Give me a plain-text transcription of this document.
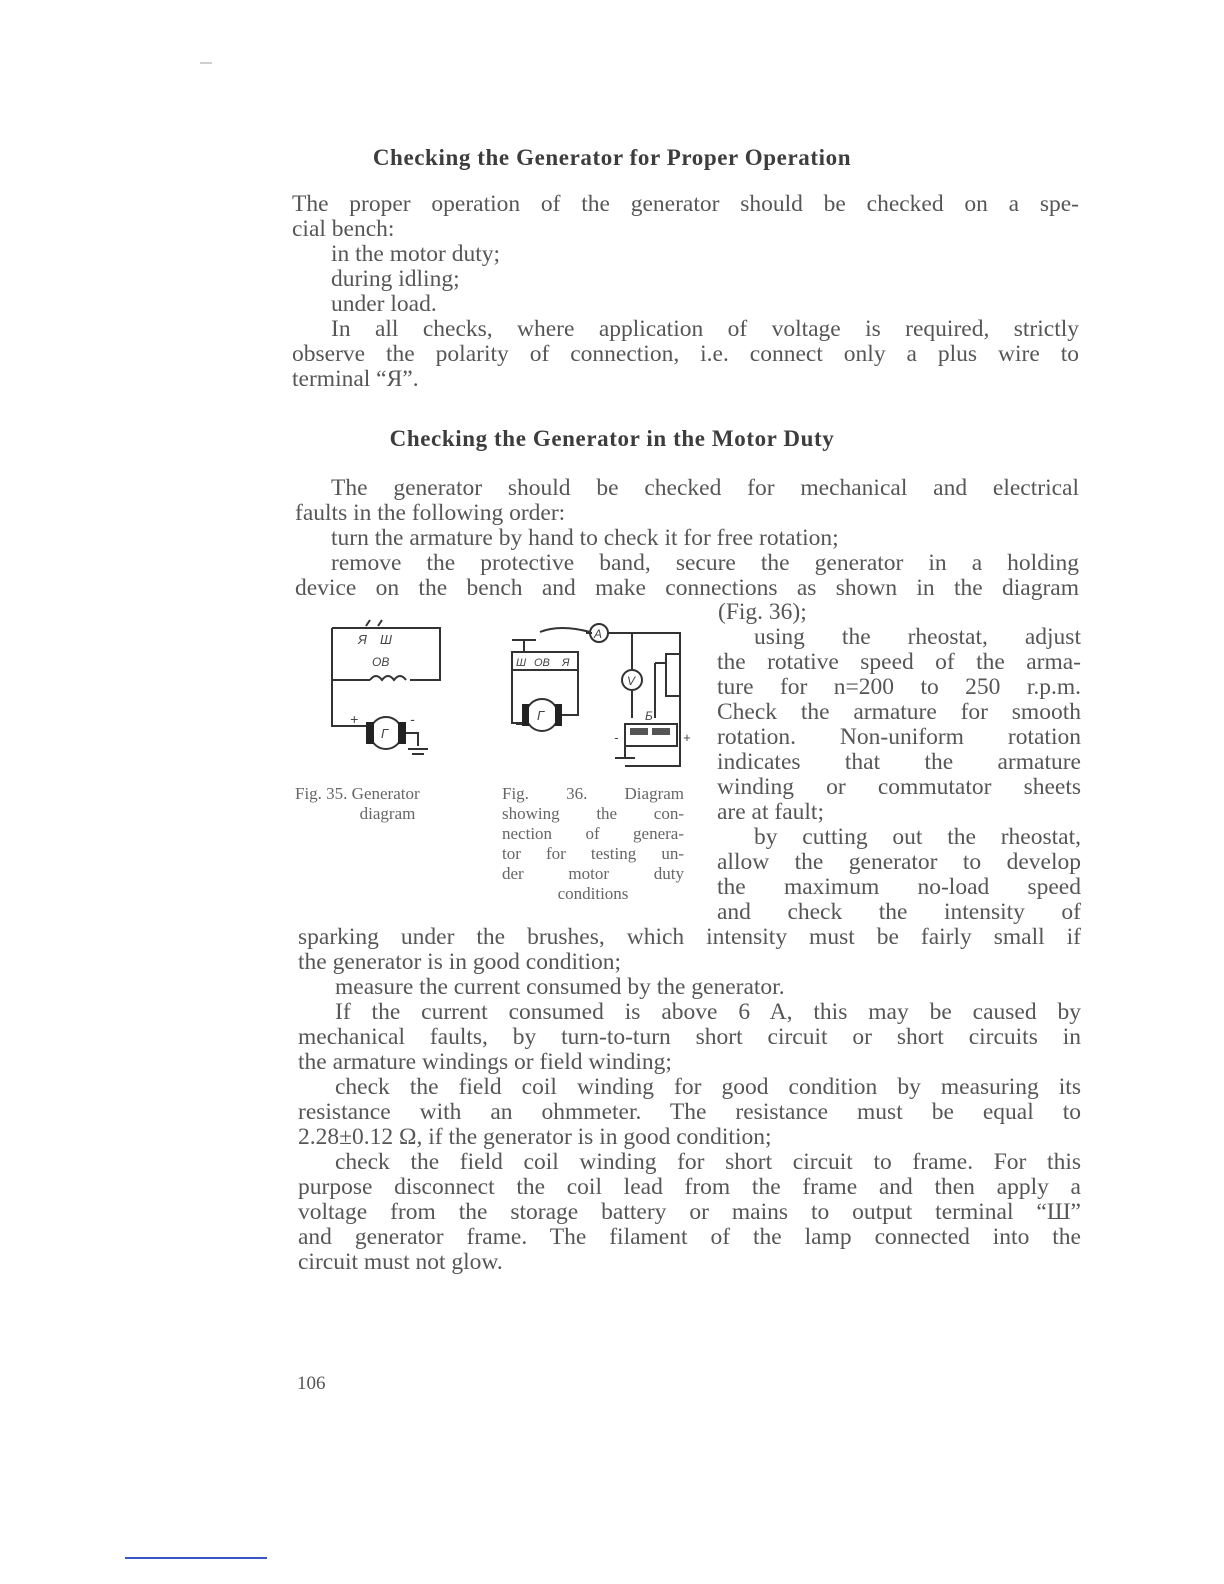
Checking the Generator for Proper Operation
The proper operation of the generator should be checked on a spe-
cial bench:
in the motor duty;
during idling;
under load.
In all checks, where application of voltage is required, strictly
observe the polarity of connection, i.e. connect only a plus wire to
terminal “Я”.
Checking the Generator in the Motor Duty
The generator should be checked for mechanical and electrical
faults in the following order:
turn the armature by hand to check it for free rotation;
remove the protective band, secure the generator in a holding
device on the bench and make connections as shown in the diagram
(Fig. 36);
using the rheostat, adjust
the rotative speed of the arma-
ture for n=200 to 250 r.p.m.
Check the armature for smooth
rotation. Non-uniform rotation
indicates that the armature
winding or commutator sheets
are at fault;
by cutting out the rheostat,
allow the generator to develop
the maximum no-load speed
and check the intensity of
sparking under the brushes, which intensity must be fairly small if
the generator is in good condition;
measure the current consumed by the generator.
If the current consumed is above 6 A, this may be caused by
mechanical faults, by turn-to-turn short circuit or short circuits in
the armature windings or field winding;
check the field coil winding for good condition by measuring its
resistance with an ohmmeter. The resistance must be equal to
2.28±0.12 Ω, if the generator is in good condition;
check the field coil winding for short circuit to frame. For this
purpose disconnect the coil lead from the frame and then apply a
voltage from the storage battery or mains to output terminal “Ш”
and generator frame. The filament of the lamp connected into the
circuit must not glow.
Я Ш
ОВ
Г
+	-
Fig. 35. Generator
diagram
Ш ОВ Я
A
V
Г	Б
+
-
Fig. 36. Diagram
showing the con-
nection of genera-
tor for testing un-
der motor duty
conditions
106
